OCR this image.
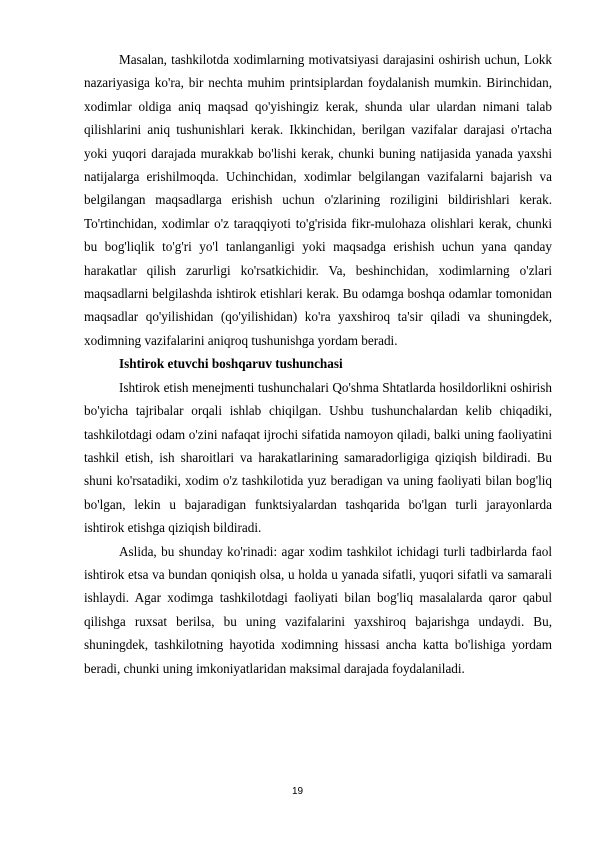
Masalan, tashkilotda xodimlarning motivatsiyasi darajasini oshirish uchun, Lokk nazariyasiga ko'ra, bir nechta muhim printsiplardan foydalanish mumkin. Birinchidan, xodimlar oldiga aniq maqsad qo'yishingiz kerak, shunda ular ulardan nimani talab qilishlarini aniq tushunishlari kerak. Ikkinchidan, berilgan vazifalar darajasi o'rtacha yoki yuqori darajada murakkab bo'lishi kerak, chunki buning natijasida yanada yaxshi natijalarga erishilmoqda. Uchinchidan, xodimlar belgilangan vazifalarni bajarish va belgilangan maqsadlarga erishish uchun o'zlarining roziligini bildirishlari kerak. To'rtinchidan, xodimlar o'z taraqqiyoti to'g'risida fikr-mulohaza olishlari kerak, chunki bu bog'liqlik to'g'ri yo'l tanlanganligi yoki maqsadga erishish uchun yana qanday harakatlar qilish zarurligi ko'rsatkichidir. Va, beshinchidan, xodimlarning o'zlari maqsadlarni belgilashda ishtirok etishlari kerak. Bu odamga boshqa odamlar tomonidan maqsadlar qo'yilishidan (qo'yilishidan) ko'ra yaxshiroq ta'sir qiladi va shuningdek, xodimning vazifalarini aniqroq tushunishga yordam beradi.

Ishtirok etuvchi boshqaruv tushunchasi

Ishtirok etish menejmenti tushunchalari Qo'shma Shtatlarda hosildorlikni oshirish bo'yicha tajribalar orqali ishlab chiqilgan. Ushbu tushunchalardan kelib chiqadiki, tashkilotdagi odam o'zini nafaqat ijrochi sifatida namoyon qiladi, balki uning faoliyatini tashkil etish, ish sharoitlari va harakatlarining samaradorligiga qiziqish bildiradi. Bu shuni ko'rsatadiki, xodim o'z tashkilotida yuz beradigan va uning faoliyati bilan bog'liq bo'lgan, lekin u bajaradigan funktsiyalardan tashqarida bo'lgan turli jarayonlarda ishtirok etishga qiziqish bildiradi.

Aslida, bu shunday ko'rinadi: agar xodim tashkilot ichidagi turli tadbirlarda faol ishtirok etsa va bundan qoniqish olsa, u holda u yanada sifatli, yuqori sifatli va samarali ishlaydi. Agar xodimga tashkilotdagi faoliyati bilan bog'liq masalalarda qaror qabul qilishga ruxsat berilsa, bu uning vazifalarini yaxshiroq bajarishga undaydi. Bu, shuningdek, tashkilotning hayotida xodimning hissasi ancha katta bo'lishiga yordam beradi, chunki uning imkoniyatlaridan maksimal darajada foydalaniladi.

19
